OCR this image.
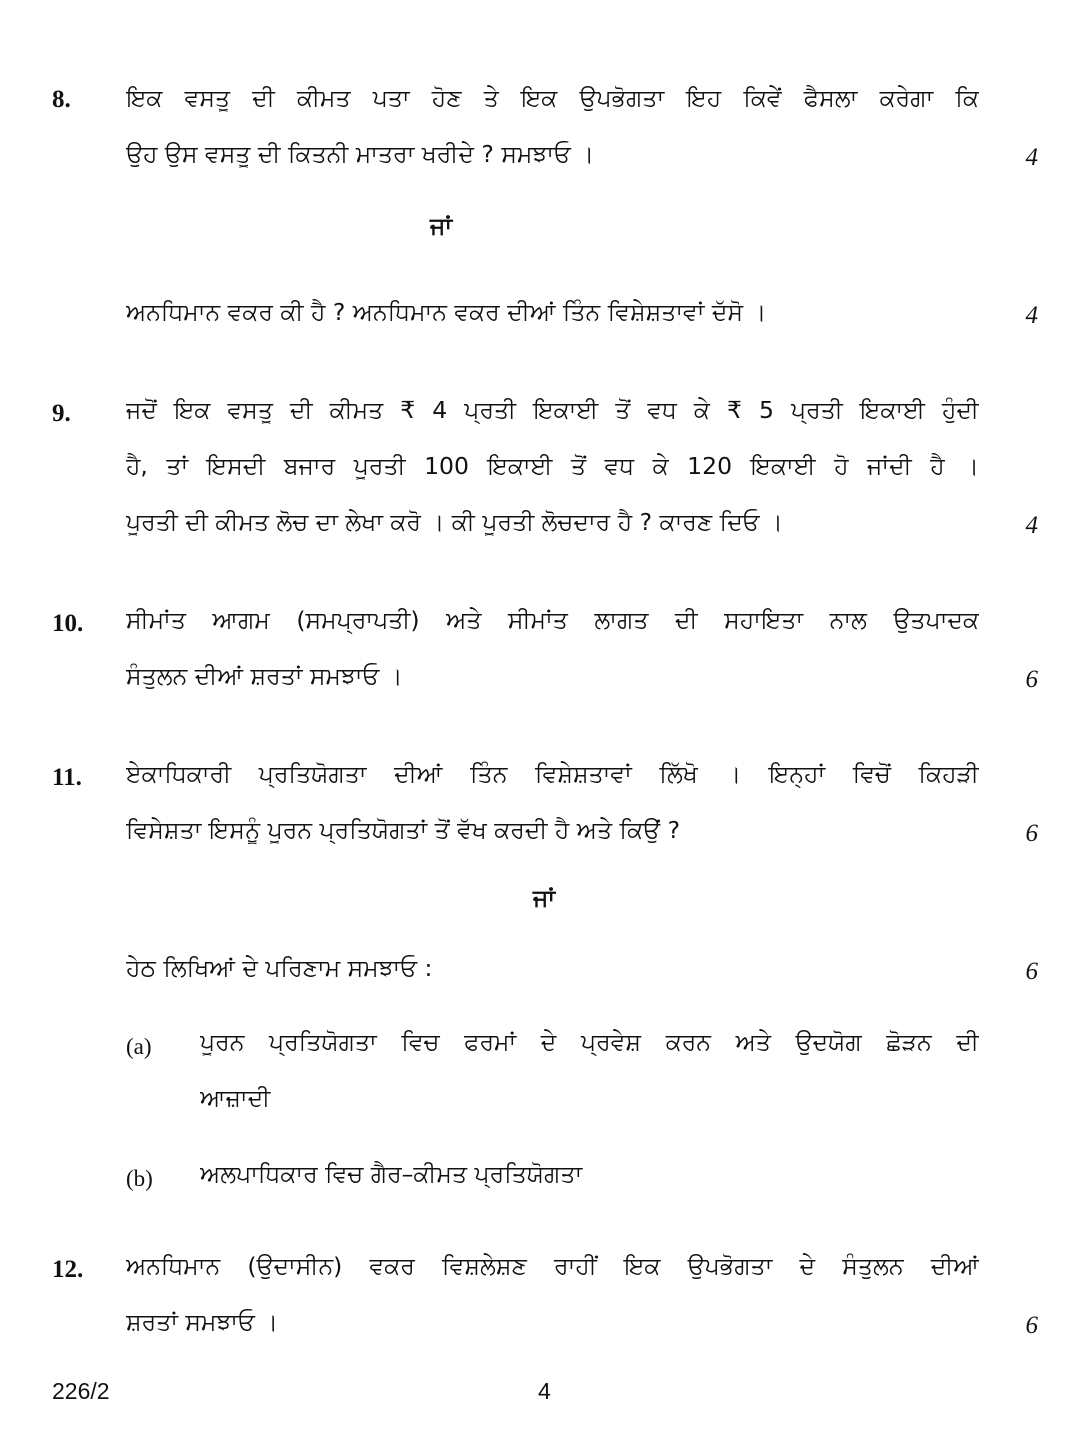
8. ਇਕ ਵਸਤੂ ਦੀ ਕੀਮਤ ਪਤਾ ਹੋਣ ਤੇ ਇਕ ਉਪਭੋਗਤਾ ਇਹ ਕਿਵੇਂ ਫੈਸਲਾ ਕਰੇਗਾ ਕਿ
ਉਹ ਉਸ ਵਸਤੂ ਦੀ ਕਿਤਨੀ ਮਾਤਰਾ ਖਰੀਦੇ ? ਸਮਝਾਓ ।	4
ਜਾਂ
ਅਨਧਿਮਾਨ ਵਕਰ ਕੀ ਹੈ ? ਅਨਧਿਮਾਨ ਵਕਰ ਦੀਆਂ ਤਿੰਨ ਵਿਸ਼ੇਸ਼ਤਾਵਾਂ ਦੱਸੋ ।	4
9. ਜਦੋਂ ਇਕ ਵਸਤੂ ਦੀ ਕੀਮਤ ₹ 4 ਪ੍ਰਤੀ ਇਕਾਈ ਤੋਂ ਵਧ ਕੇ ₹ 5 ਪ੍ਰਤੀ ਇਕਾਈ ਹੁੰਦੀ
ਹੈ, ਤਾਂ ਇਸਦੀ ਬਜਾਰ ਪੂਰਤੀ 100 ਇਕਾਈ ਤੋਂ ਵਧ ਕੇ 120 ਇਕਾਈ ਹੋ ਜਾਂਦੀ ਹੈ ।
ਪੂਰਤੀ ਦੀ ਕੀਮਤ ਲੋਚ ਦਾ ਲੇਖਾ ਕਰੋ । ਕੀ ਪੂਰਤੀ ਲੋਚਦਾਰ ਹੈ ? ਕਾਰਣ ਦਿਓ ।	4
10. ਸੀਮਾਂਤ ਆਗਮ (ਸਮਪ੍ਰਾਪਤੀ) ਅਤੇ ਸੀਮਾਂਤ ਲਾਗਤ ਦੀ ਸਹਾਇਤਾ ਨਾਲ ਉਤਪਾਦਕ
ਸੰਤੁਲਨ ਦੀਆਂ ਸ਼ਰਤਾਂ ਸਮਝਾਓ ।	6
11. ਏਕਾਧਿਕਾਰੀ ਪ੍ਰਤਿਯੋਗਤਾ ਦੀਆਂ ਤਿੰਨ ਵਿਸ਼ੇਸ਼ਤਾਵਾਂ ਲਿੱਖੋ । ਇਨ੍ਹਾਂ ਵਿਚੋਂ ਕਿਹੜੀ
ਵਿਸੇਸ਼ਤਾ ਇਸਨੂੰ ਪੂਰਨ ਪ੍ਰਤਿਯੋਗਤਾਂ ਤੋਂ ਵੱਖ ਕਰਦੀ ਹੈ ਅਤੇ ਕਿਉਂ ?	6
ਜਾਂ
ਹੇਠ ਲਿਖਿਆਂ ਦੇ ਪਰਿਣਾਮ ਸਮਝਾਓ :	6
(a) ਪੂਰਨ ਪ੍ਰਤਿਯੋਗਤਾ ਵਿਚ ਫਰਮਾਂ ਦੇ ਪ੍ਰਵੇਸ਼ ਕਰਨ ਅਤੇ ਉਦਯੋਗ ਛੋੜਨ ਦੀ
ਆਜ਼ਾਦੀ
(b) ਅਲਪਾਧਿਕਾਰ ਵਿਚ ਗੈਰ–ਕੀਮਤ ਪ੍ਰਤਿਯੋਗਤਾ
12. ਅਨਧਿਮਾਨ (ਉਦਾਸੀਨ) ਵਕਰ ਵਿਸ਼ਲੇਸ਼ਣ ਰਾਹੀਂ ਇਕ ਉਪਭੋਗਤਾ ਦੇ ਸੰਤੁਲਨ ਦੀਆਂ
ਸ਼ਰਤਾਂ ਸਮਝਾਓ ।	6
226/2	4
